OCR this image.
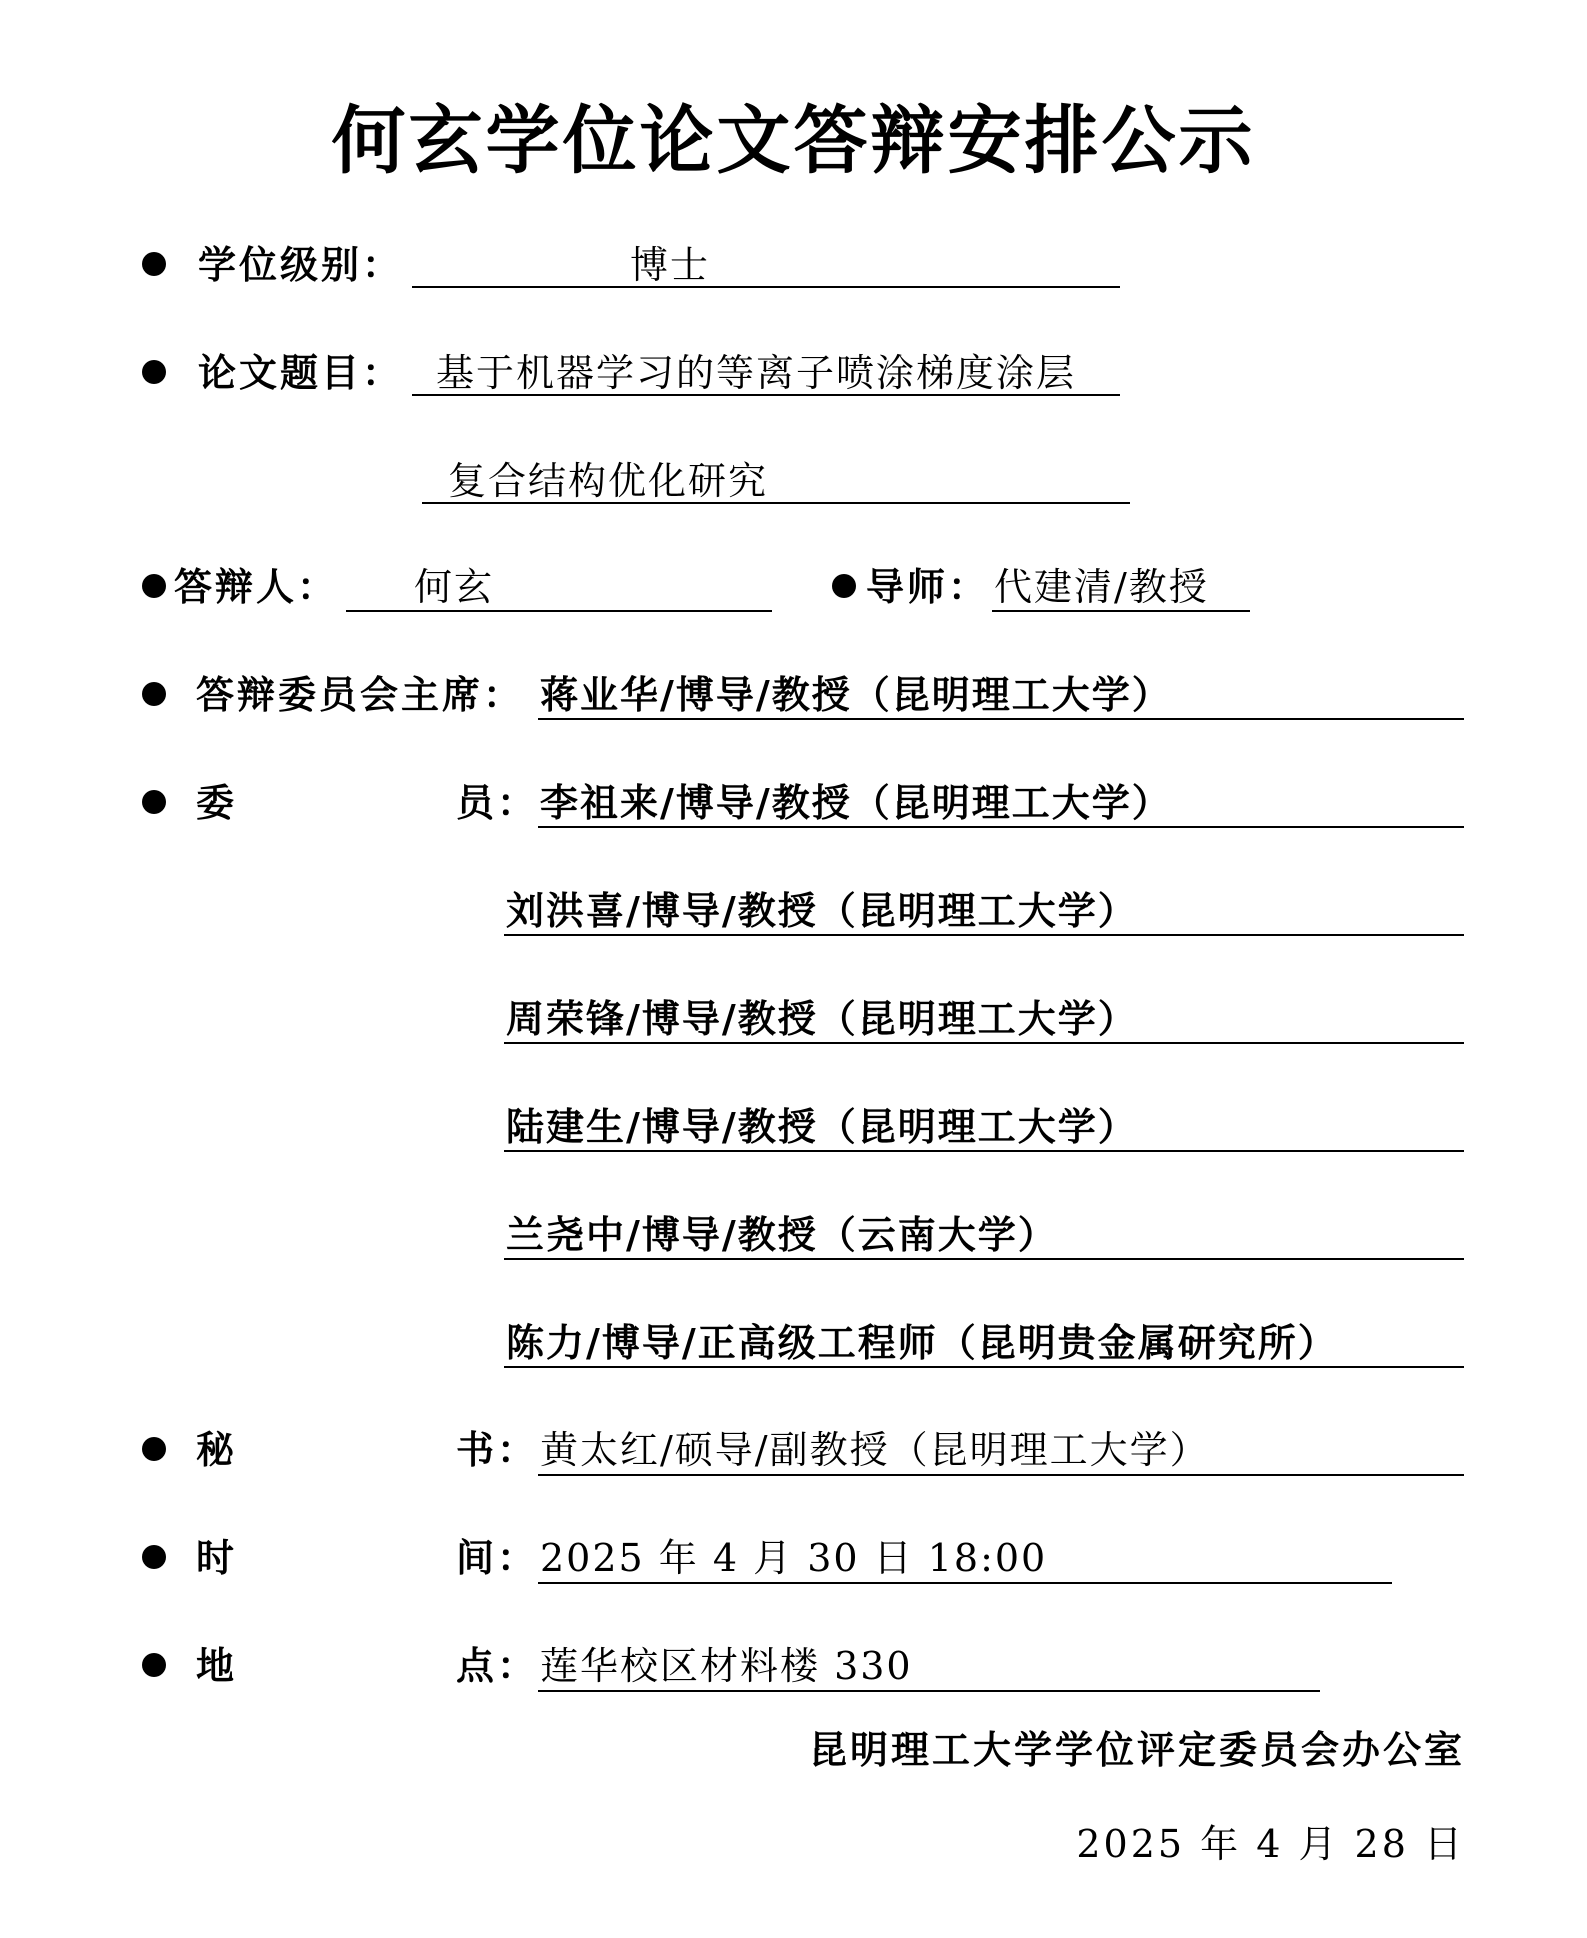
何玄学位论文答辩安排公示
学位级别：	博士
论文题目： 基于机器学习的等离子喷涂梯度涂层
复合结构优化研究
答辩人： 何玄	导师： 代建清/教授
答辩委员会主席： 蒋业华/博导/教授（昆明理工大学）
委	员： 李祖来/博导/教授（昆明理工大学）
刘洪喜/博导/教授（昆明理工大学）
周荣锋/博导/教授（昆明理工大学）
陆建生/博导/教授（昆明理工大学）
兰尧中/博导/教授（云南大学）
陈力/博导/正高级工程师（昆明贵金属研究所）
秘	书： 黄太红/硕导/副教授（昆明理工大学）
时	间： 2025 年 4 月 30 日 18:00
地	点： 莲华校区材料楼 330
昆明理工大学学位评定委员会办公室
2025 年 4 月 28 日
